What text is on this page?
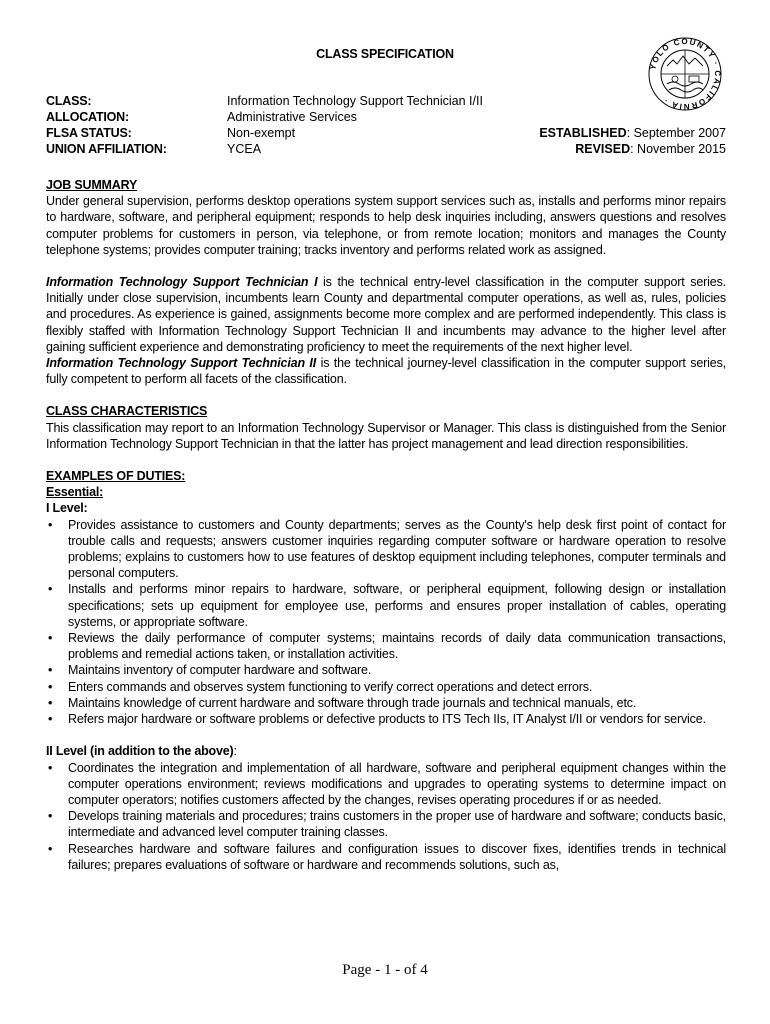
CLASS SPECIFICATION
YOLO COUNTY · CALIFORNIA ·
CLASS:	Information Technology Support Technician I/II
ALLOCATION:	Administrative Services
FLSA STATUS:	Non-exempt	ESTABLISHED: September 2007
UNION AFFILIATION:	YCEA	REVISED: November 2015
JOB SUMMARY

Under general supervision, performs desktop operations system support services such as, installs and performs minor repairs to hardware, software, and peripheral equipment; responds to help desk inquiries including, answers questions and resolves computer problems for customers in person, via telephone, or from remote location; monitors and manages the County telephone systems; provides computer training; tracks inventory and performs related work as assigned.

Information Technology Support Technician I is the technical entry-level classification in the computer support series. Initially under close supervision, incumbents learn County and departmental computer operations, as well as, rules, policies and procedures. As experience is gained, assignments become more complex and are performed independently. This class is flexibly staffed with Information Technology Support Technician II and incumbents may advance to the higher level after gaining sufficient experience and demonstrating proficiency to meet the requirements of the next higher level.

Information Technology Support Technician II is the technical journey-level classification in the computer support series, fully competent to perform all facets of the classification.

CLASS CHARACTERISTICS

This classification may report to an Information Technology Supervisor or Manager. This class is distinguished from the Senior Information Technology Support Technician in that the latter has project management and lead direction responsibilities.

EXAMPLES OF DUTIES:
Essential:
I Level:
• Provides assistance to customers and County departments; serves as the County's help desk first point of contact for trouble calls and requests; answers customer inquiries regarding computer software or hardware operation to resolve problems; explains to customers how to use features of desktop equipment including telephones, computer terminals and personal computers.
• Installs and performs minor repairs to hardware, software, or peripheral equipment, following design or installation specifications; sets up equipment for employee use, performs and ensures proper installation of cables, operating systems, or appropriate software.
• Reviews the daily performance of computer systems; maintains records of daily data communication transactions, problems and remedial actions taken, or installation activities.
• Maintains inventory of computer hardware and software.
• Enters commands and observes system functioning to verify correct operations and detect errors.
• Maintains knowledge of current hardware and software through trade journals and technical manuals, etc.
• Refers major hardware or software problems or defective products to ITS Tech IIs, IT Analyst I/II or vendors for service.
II Level (in addition to the above):
• Coordinates the integration and implementation of all hardware, software and peripheral equipment changes within the computer operations environment; reviews modifications and upgrades to operating systems to determine impact on computer operators; notifies customers affected by the changes, revises operating procedures if or as needed.
• Develops training materials and procedures; trains customers in the proper use of hardware and software; conducts basic, intermediate and advanced level computer training classes.
• Researches hardware and software failures and configuration issues to discover fixes, identifies trends in technical failures; prepares evaluations of software or hardware and recommends solutions, such as,
Page - 1 - of 4
